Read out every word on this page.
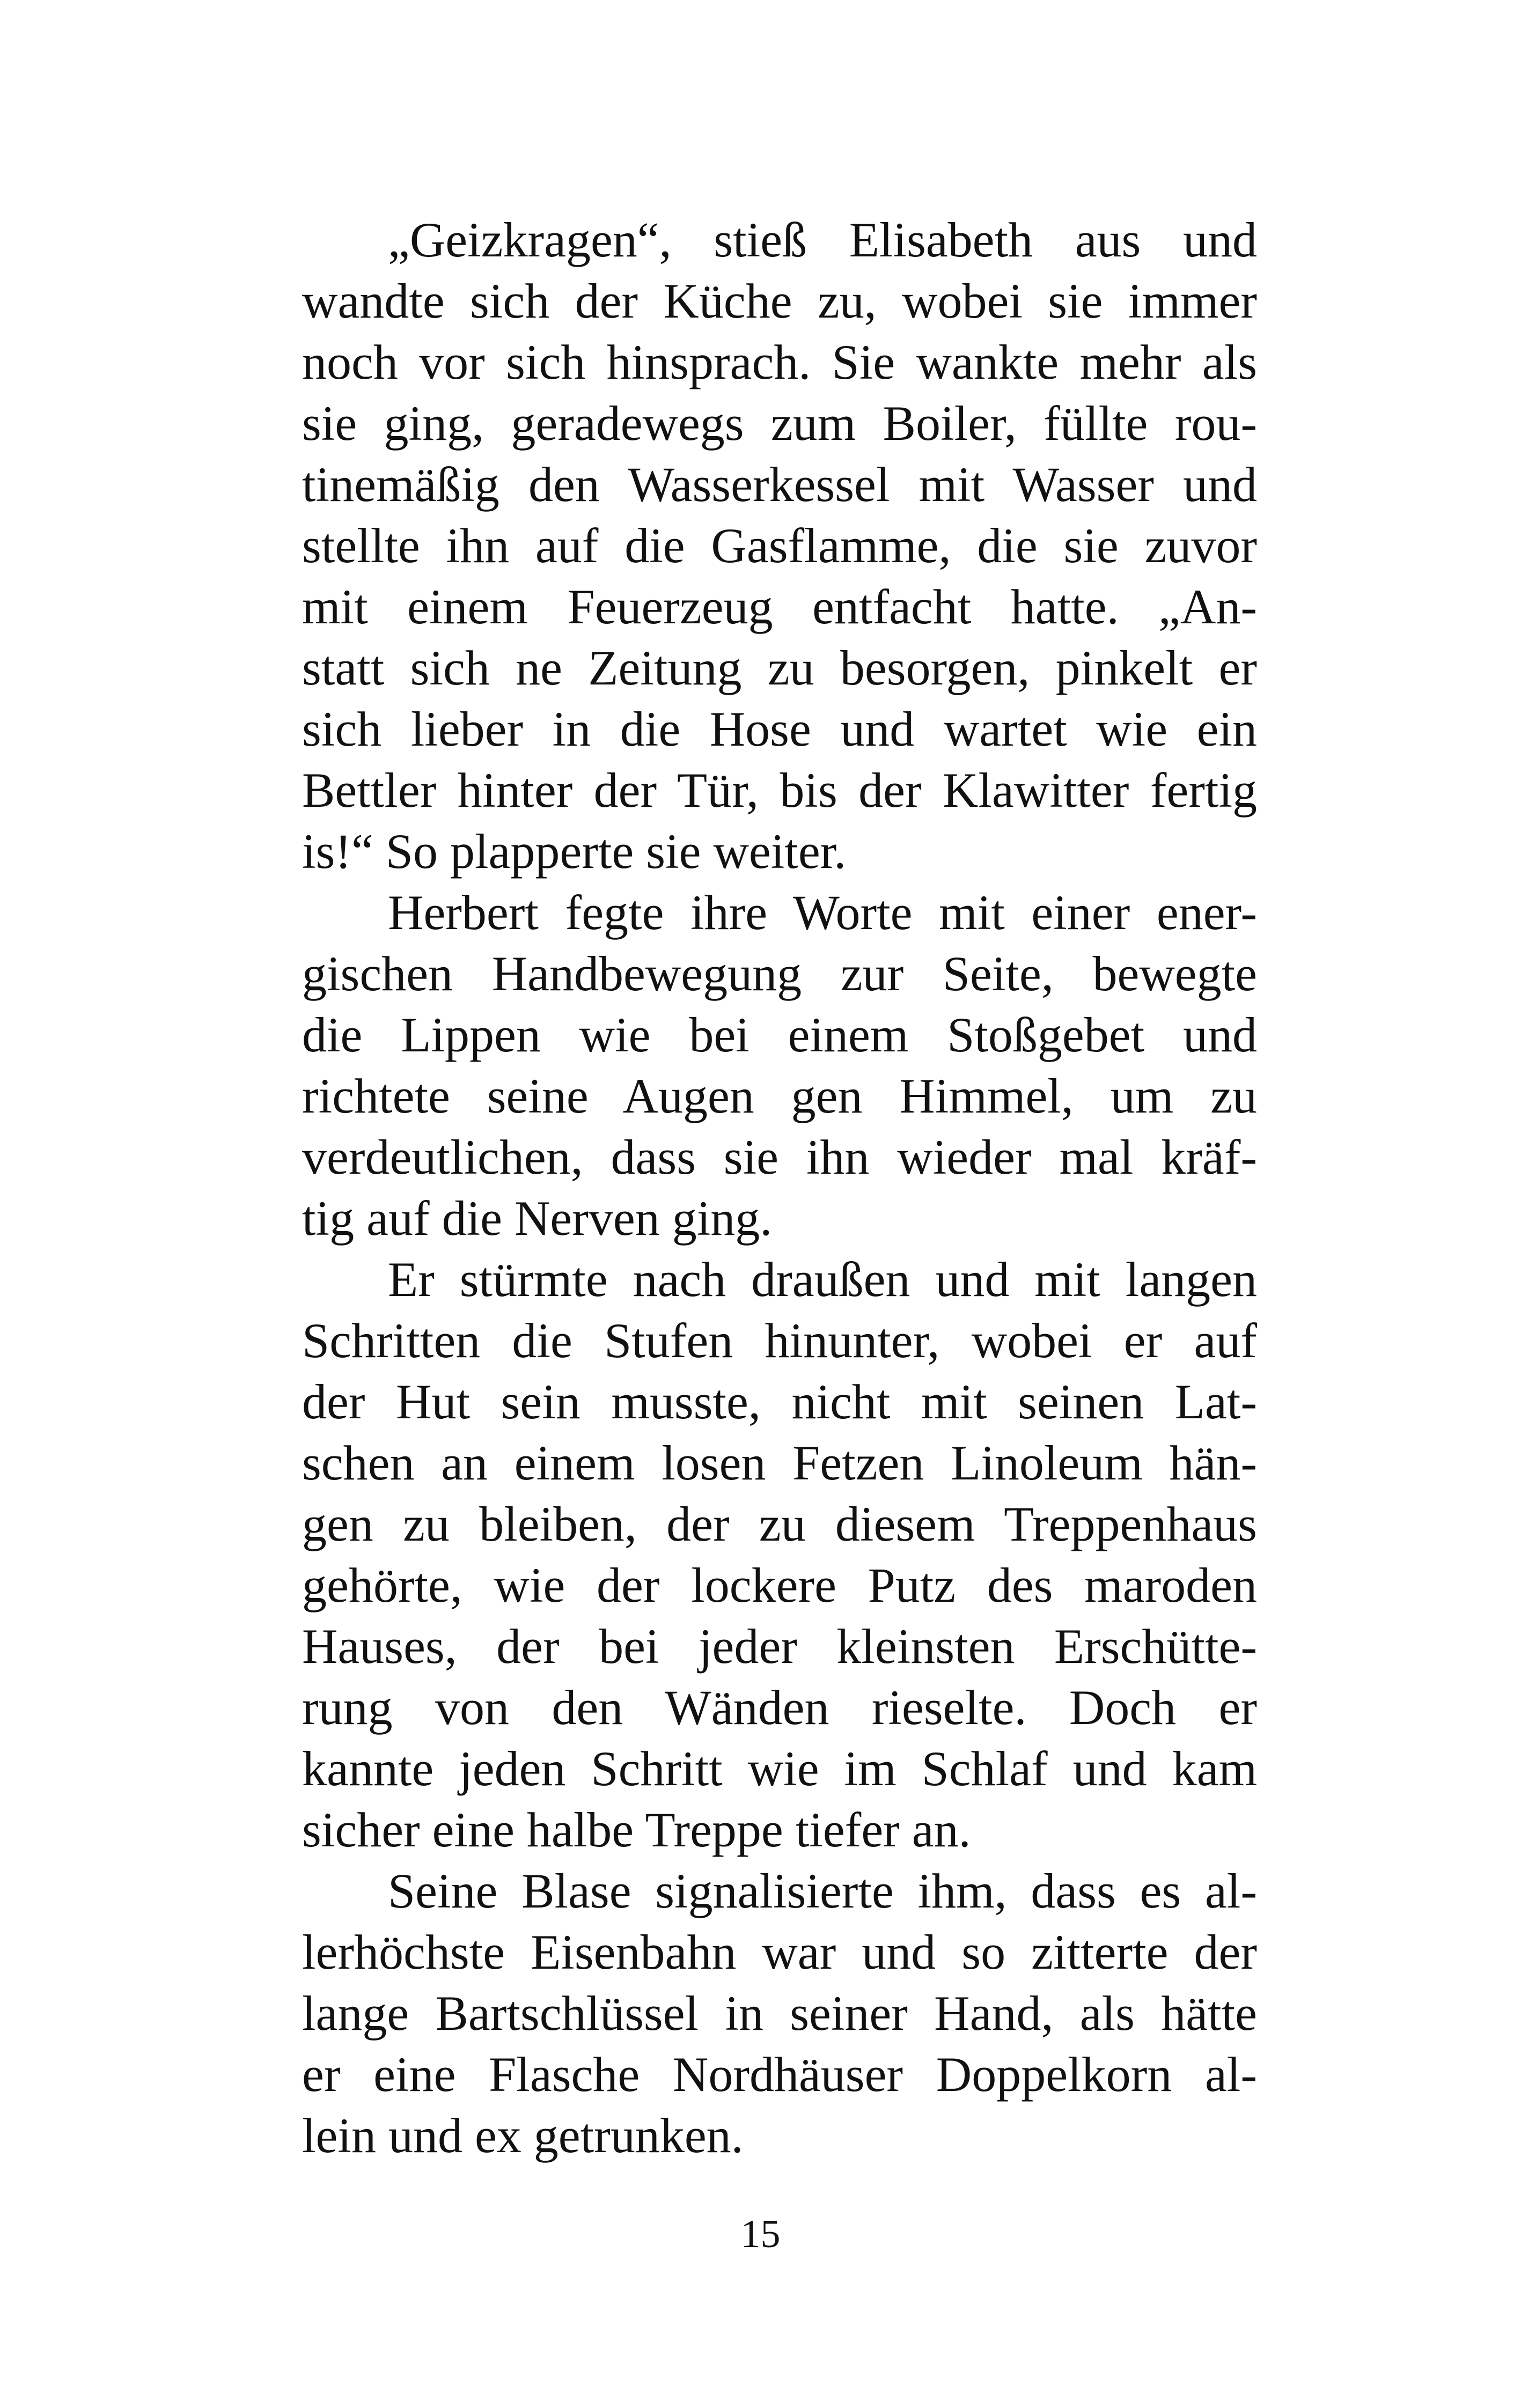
„Geizkragen“, stieß Elisabeth aus und
wandte sich der Küche zu, wobei sie immer
noch vor sich hinsprach. Sie wankte mehr als
sie ging, geradewegs zum Boiler, füllte rou-
tinemäßig den Wasserkessel mit Wasser und
stellte ihn auf die Gasflamme, die sie zuvor
mit einem Feuerzeug entfacht hatte. „An-
statt sich ne Zeitung zu besorgen, pinkelt er
sich lieber in die Hose und wartet wie ein
Bettler hinter der Tür, bis der Klawitter fertig
is!“ So plapperte sie weiter.
Herbert fegte ihre Worte mit einer ener-
gischen Handbewegung zur Seite, bewegte
die Lippen wie bei einem Stoßgebet und
richtete seine Augen gen Himmel, um zu
verdeutlichen, dass sie ihn wieder mal kräf-
tig auf die Nerven ging.
Er stürmte nach draußen und mit langen
Schritten die Stufen hinunter, wobei er auf
der Hut sein musste, nicht mit seinen Lat-
schen an einem losen Fetzen Linoleum hän-
gen zu bleiben, der zu diesem Treppenhaus
gehörte, wie der lockere Putz des maroden
Hauses, der bei jeder kleinsten Erschütte-
rung von den Wänden rieselte. Doch er
kannte jeden Schritt wie im Schlaf und kam
sicher eine halbe Treppe tiefer an.
Seine Blase signalisierte ihm, dass es al-
lerhöchste Eisenbahn war und so zitterte der
lange Bartschlüssel in seiner Hand, als hätte
er eine Flasche Nordhäuser Doppelkorn al-
lein und ex getrunken.
15
